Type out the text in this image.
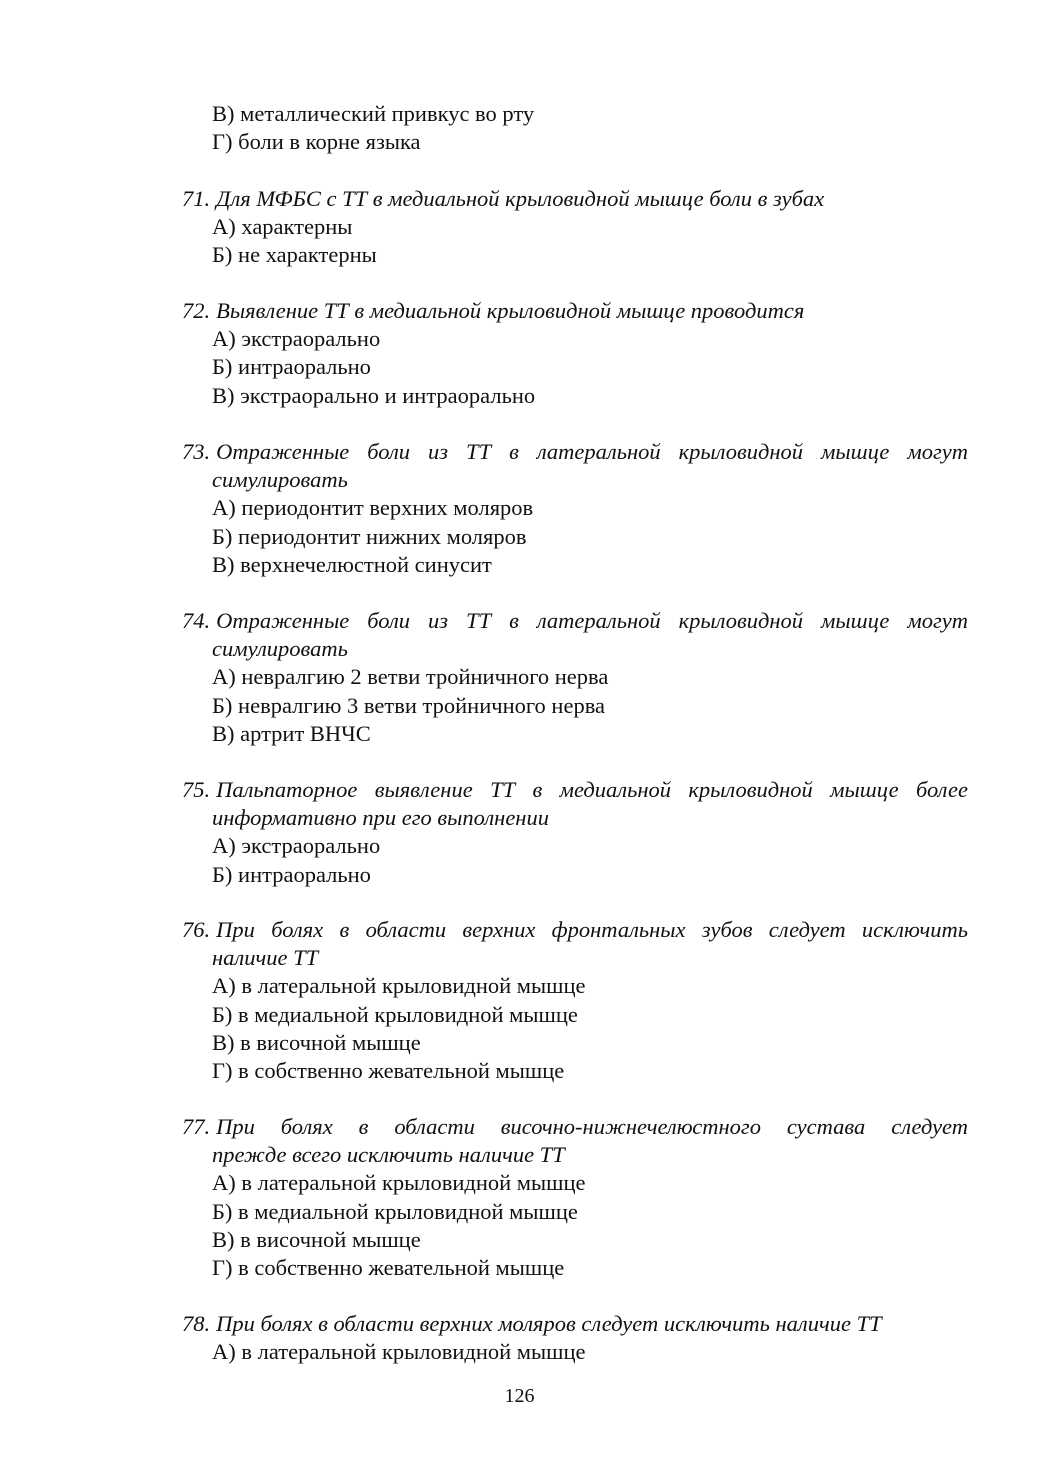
В) металлический привкус во рту
Г) боли в корне языка
71. Для МФБС с ТТ в медиальной крыловидной мышце боли в зубах
А) характерны
Б) не характерны
72. Выявление ТТ в медиальной крыловидной мышце проводится
А) экстраорально
Б) интраорально
В) экстраорально и интраорально
73. Отраженные боли из ТТ в латеральной крыловидной мышце могут
симулировать
А) периодонтит верхних моляров
Б) периодонтит нижних моляров
В) верхнечелюстной синусит
74. Отраженные боли из ТТ в латеральной крыловидной мышце могут
симулировать
А) невралгию 2 ветви тройничного нерва
Б) невралгию 3 ветви тройничного нерва
В) артрит ВНЧС
75. Пальпаторное выявление ТТ в медиальной крыловидной мышце более
информативно при его выполнении
А) экстраорально
Б) интраорально
76. При болях в области верхних фронтальных зубов следует исключить
наличие ТТ
А) в латеральной крыловидной мышце
Б) в медиальной крыловидной мышце
В) в височной мышце
Г) в собственно жевательной мышце
77. При болях в области височно-нижнечелюстного сустава следует
прежде всего исключить наличие ТТ
А) в латеральной крыловидной мышце
Б) в медиальной крыловидной мышце
В) в височной мышце
Г) в собственно жевательной мышце
78. При болях в области верхних моляров следует исключить наличие ТТ
А) в латеральной крыловидной мышце
126
